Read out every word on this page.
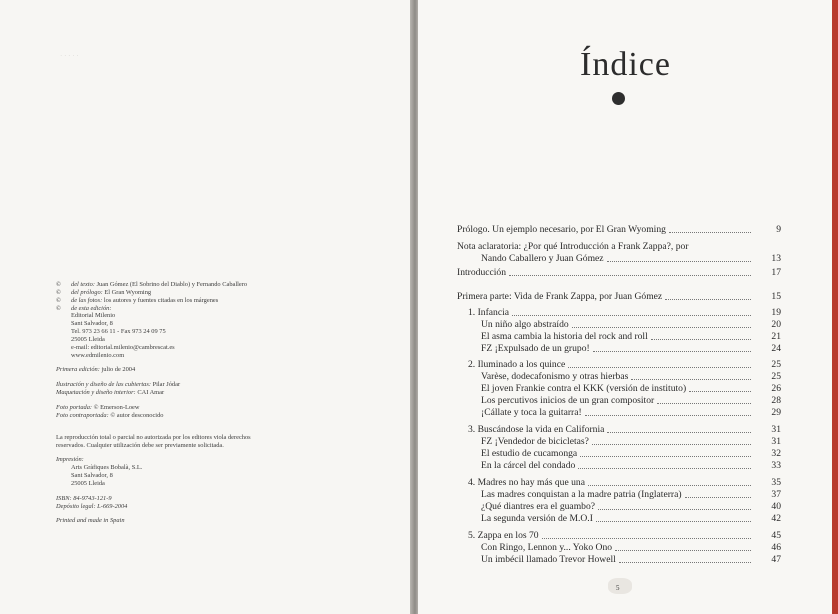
· · · · ·
© del texto: Juan Gómez (El Sobrino del Diablo) y Fernando Caballero
© del prólogo: El Gran Wyoming
© de las fotos: los autores y fuentes citadas en los márgenes
© de esta edición:
Editorial Milenio
Sant Salvador, 8
Tel. 973 23 66 11 - Fax 973 24 09 75
25005 Lleida
e-mail: editorial.milenio@cambrescat.es
www.edmilenio.com
Primera edición: julio de 2004
Ilustración y diseño de las cubiertas: Pilar Jódar
Maquetación y diseño interior: CAI Amar
Foto portada: © Emerson-Loew
Foto contraportada: © autor desconocido
La reproducción total o parcial no autorizada por los editores viola derechos
reservados. Cualquier utilización debe ser previamente solicitada.
Impresión:
Arts Gràfiques Bobalà, S.L.
Sant Salvador, 8
25005 Lleida
ISBN: 84-9743-121-9
Depósito legal: L-669-2004
Printed and made in Spain
Índice
Prólogo. Un ejemplo necesario, por El Gran Wyoming	9
Nota aclaratoria: ¿Por qué Introducción a Frank Zappa?, por
Nando Caballero y Juan Gómez	13
Introducción	17
Primera parte: Vida de Frank Zappa, por Juan Gómez	15
1. Infancia	19
Un niño algo abstraído	20
El asma cambia la historia del rock and roll	21
FZ ¡Expulsado de un grupo!	24
2. Iluminado a los quince	25
Varèse, dodecafonismo y otras hierbas	25
El joven Frankie contra el KKK (versión de instituto)	26
Los percutivos inicios de un gran compositor	28
¡Cállate y toca la guitarra!	29
3. Buscándose la vida en California	31
FZ ¡Vendedor de bicicletas?	31
El estudio de cucamonga	32
En la cárcel del condado	33
4. Madres no hay más que una	35
Las madres conquistan a la madre patria (Inglaterra)	37
¿Qué diantres era el guambo?	40
La segunda versión de M.O.I	42
5. Zappa en los 70	45
Con Ringo, Lennon y... Yoko Ono	46
Un imbécil llamado Trevor Howell	47
5
